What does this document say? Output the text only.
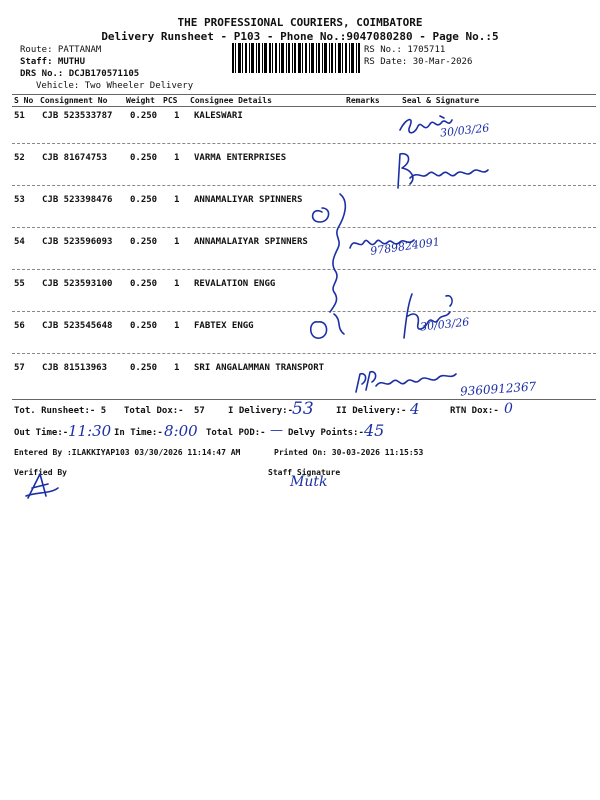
THE PROFESSIONAL COURIERS, COIMBATORE
Delivery Runsheet - P103 - Phone No.:9047080280 - Page No.:5
Route: PATTANAM
Staff: MUTHU
DRS No.: DCJB170571105
Vehicle: Two Wheeler Delivery
RS No.: 1705711
RS Date: 30-Mar-2026
S No Consignment No Weight PCS Consignee Details	Remarks	Seal & Signature
51 CJB 523533787 0.250 1 KALESWARI
52 CJB 81674753	0.250 1 VARMA ENTERPRISES
53 CJB 523398476 0.250 1 ANNAMALIYAR SPINNERS
54 CJB 523596093 0.250 1 ANNAMALAIYAR SPINNERS
55 CJB 523593100 0.250 1 REVALATION ENGG
56 CJB 523545648 0.250 1 FABTEX ENGG
57 CJB 81513963	0.250 1 SRI ANGALAMMAN TRANSPORT
30/03/26
9789824091
30/03/26
9360912367
Tot. Runsheet:- 5 Total Dox:- 57	I Delivery:-
53 II Delivery:- 4	RTN Dox:- 0
Out Time:- 11:30 In Time:- 8:00 Total POD:- — Delvy Points:- 45
Entered By :ILAKKIYAP103 03/30/2026 11:14:47 AM	Printed On: 30-03-2026 11:15:53
Verified By	Staff Signature
Mutk
